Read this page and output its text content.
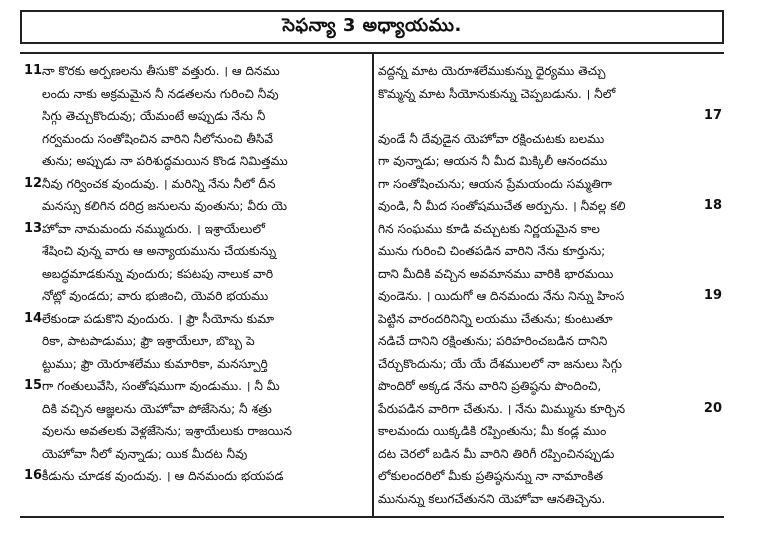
సెఫన్యా 3 అధ్యాయము.
11 నా కొరకు అర్పణలను తీసుకొ వత్తురు. । ఆ దినము
లందు నాకు అక్రమమైన నీ నడతలను గురించి నీవు
సిగ్గు తెచ్చుకొందువు; యేమంటే అప్పుడు నేను నీ
గర్వమందు సంతోషించిన వారిని నీలోనుంచి తీసివే
తును; అప్పుడు నా పరిశుద్ధమయిన కొండ నిమిత్తము
12 నీవు గర్వించక వుందువు. । మరిన్ని నేను నీలో దీన
మనస్సు కలిగిన దరిద్ర జనులను వుంతును; వీరు యె
13 హోవా నామమందు నమ్ముదురు. । ఇశ్రాయేలులో
శేషించి వున్న వారు ఆ అన్యాయమును చేయకున్ను
అబద్ధమాడకున్ను వుందురు; కపటపు నాలుక వారి
నోట్లో వుండదు; వారు భుజించి, యెవరి భయము
14 లేకుండా పడుకొని వుందురు. । ఫ్రౌ సీయోను కుమా
రికా, పాటపాడుము; ఫ్రౌ ఇశ్రాయేలూ, బొబ్బ పె
ట్టుము; ఫ్రౌ యెరూశలేము కుమారికా, మనస్పూర్తి
15 గా గంతులువేసి, సంతోషముగా వుండుము. । నీ మీ
దికి వచ్చిన ఆజ్ఞలను యెహోవా పోజేసెను; నీ శత్రు
వులను అవతలకు వెళ్లజేసెను; ఇశ్రాయేలుకు రాజయిన
యెహోవా నీలో వున్నాడు; యిక మీదట నీవు
16 కీడును చూడక వుందువు. । ఆ దినమందు భయపడ
వద్దన్న మాట యెరూశలేముకున్ను ధైర్యము తెచ్చు
కొమ్మన్న మాట సీయోనుకున్ను చెప్పబడును. । నీలో
17
వుండే నీ దేవుడైన యెహోవా రక్షించుటకు బలము
గా వున్నాడు; ఆయన నీ మీద మిక్కిలీ ఆనందము
గా సంతోషించును; ఆయన ప్రేమయందు సమ్మతిగా
18
వుండి, నీ మీద సంతోషముచేత అర్పును. । నీవల్ల కలి
గిన సంఘము కూడి వచ్చుటకు నిర్ణయమైన కాల
మును గురించి చింతపడిన వారిని నేను కూర్తును;
దాని మీదికి వచ్చిన అవమానము వారికి భారమయి
19
వుండెను. । యిదుగో ఆ దినమందు నేను నిన్ను హింస
పెట్టిన వారందరినిన్ని లయము చేతును; కుంటుతూ
నడిచే దానిని రక్షింతును; పరిహరించబడిన దానిని
చేర్చుకొందును; యే యే దేశములలో నా జనులు సిగ్గు
పొందిరో అక్కడ నేను వారిని ప్రతిష్ఠను పొందించి,
20
పేరుపడిన వారిగా చేతును. । నేను మిమ్మును కూర్చిన
కాలమందు యిక్కడికి రప్పింతును; మీ కండ్ల ముం
దట చెరలో బడిన మీ వారిని తిరిగీ రప్పించినప్పుడు
లోకులందరిలో మీకు ప్రతిష్ఠనున్ను నా నామాంకిత
మునున్ను కలుగచేతునని యెహోవా ఆనతిచ్చెను.
